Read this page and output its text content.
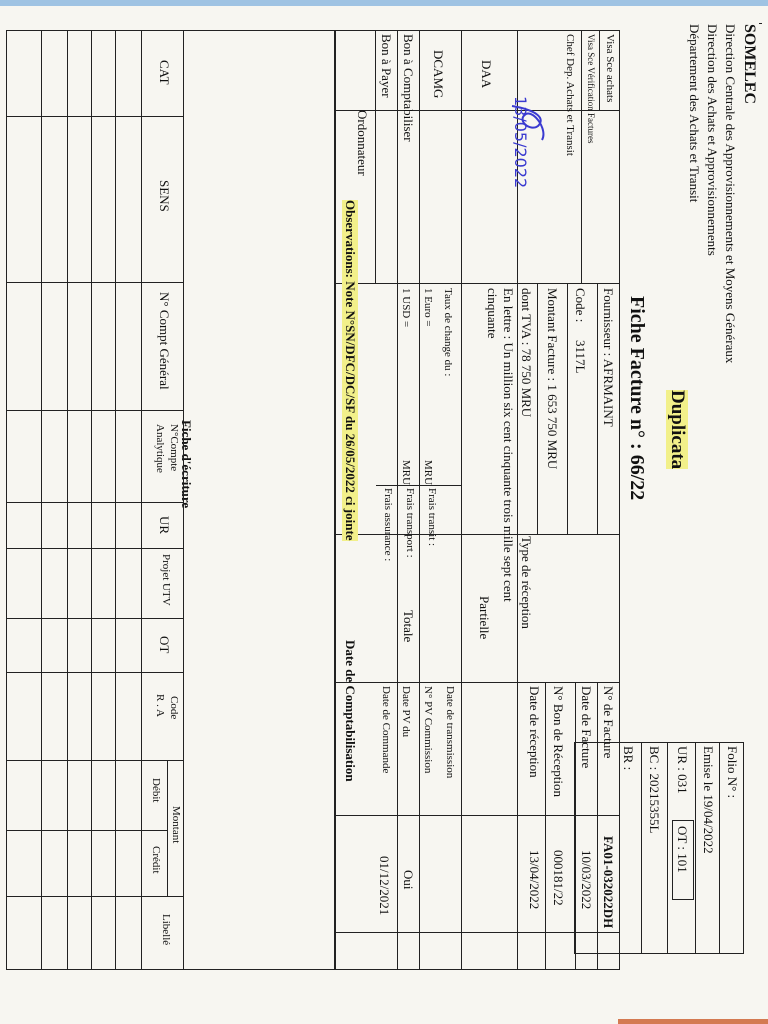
SOMELEC
Direction Centrale des Approvisionnements et Moyens Généraux
Direction des Achats et Approvisionnements
Département des Achats et Transit
Duplicata
Fiche Facture n° : 66/22
Folio N° :
Emise le 19/04/2022
UR : 031
OT : 101
BC : 20215355L
BR :
Visa Sce achats
Visa Sce Vérification Factures
Chef Dep. Achats et Transit
DAA
DCAMG
Bon à Comptabiliser
Bon à Payer
Ordonnateur	13/05/2022
Fournisseur : AFRMAINT
Code :
3117L
Montant Facture : 1 653 750 MRU
dont TVA : 78 750 MRU
En lettre : Un million six cent cinquante trois mille sept cent
cinquante
Taux de change du :
1 Euro =
MRU
1 USD =
MRU
Frais transit :
Frais transport :
Frais assurance :
N° de Facture
FA01-032022DH
Date de Facture
10/03/2022
N° Bon de Réception
000181/22
Date de réception
13/04/2022
Type de réception
Partielle
Totale
Oui
Date de transmission
N° PV Commission
Date PV du
Date de Commande
01/12/2021
Observations: Note N°SN/DFC/DC/SF du 26/05/2022 ci jointe
Date de Comptabilisation
Fiche d'écriture
CAT
SENS
N° Compt Général
N°Compte
Analytique
UR
Projet UTV
OT
Code
R . A
Montant
Débit
Crédit
Libellé
